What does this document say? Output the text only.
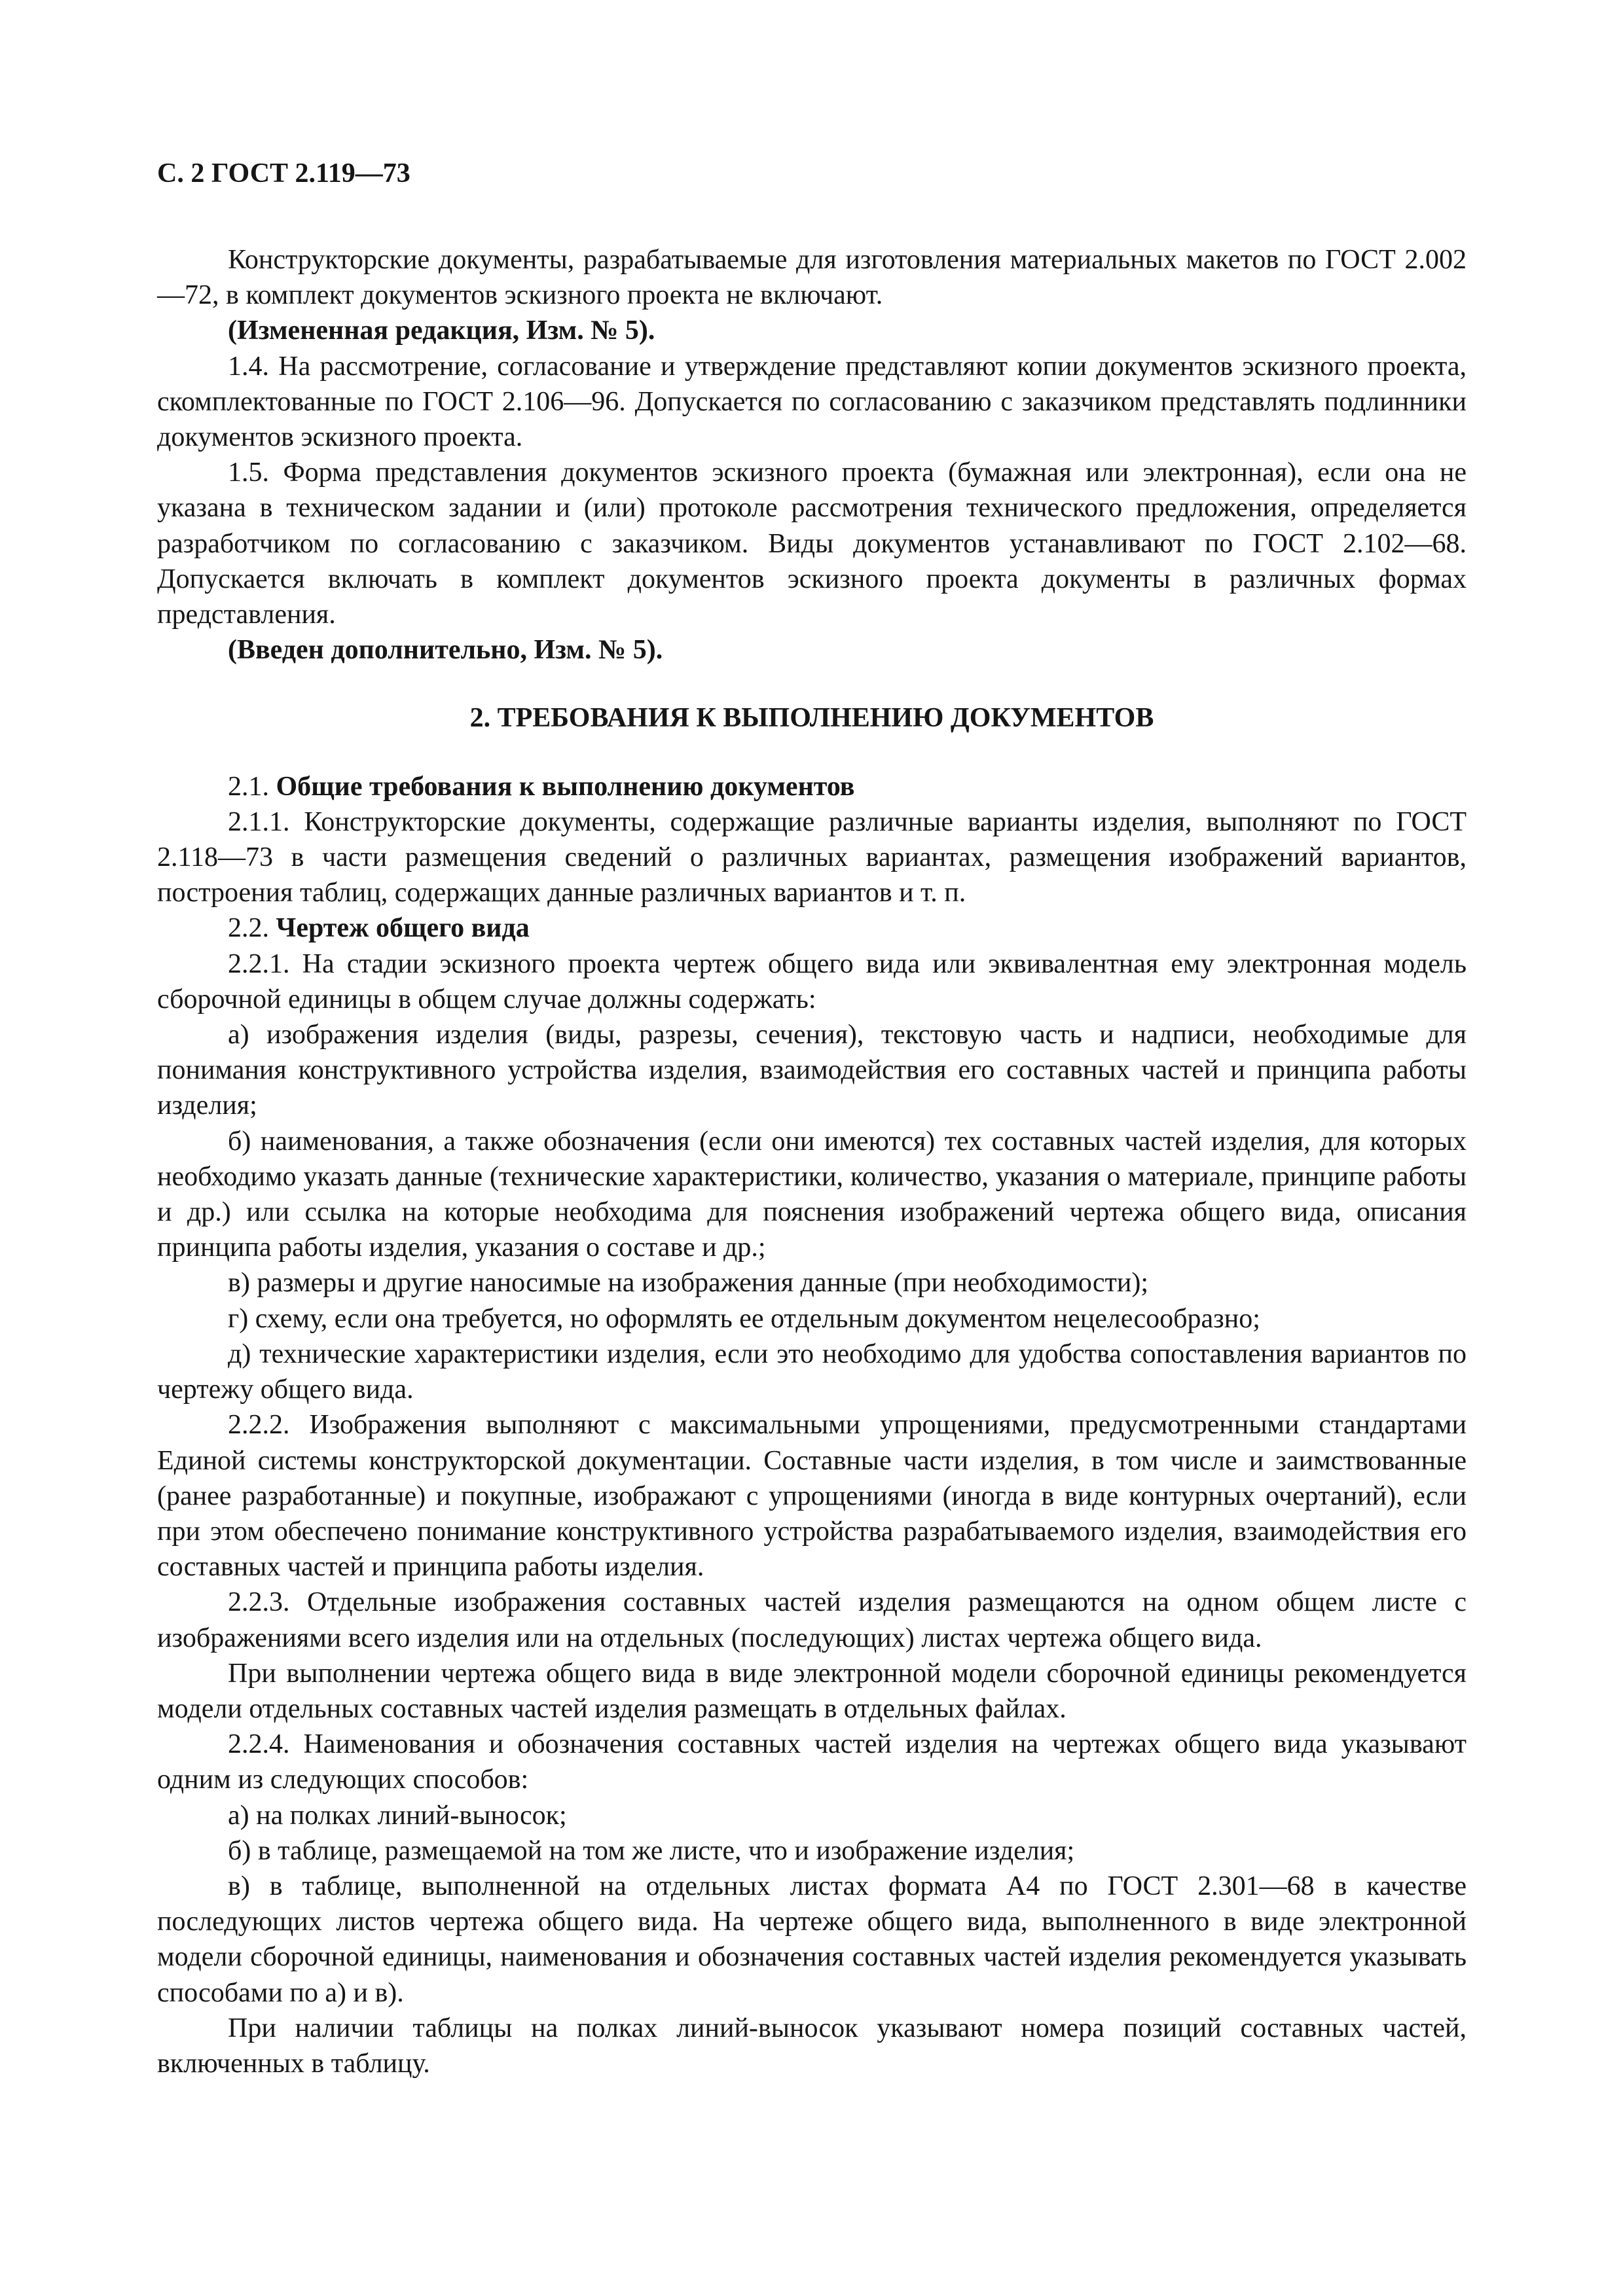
С. 2 ГОСТ 2.119—73

Конструкторские документы, разрабатываемые для изготовления материальных макетов по ГОСТ 2.002—72, в комплект документов эскизного проекта не включают.

(Измененная редакция, Изм. № 5).

1.4. На рассмотрение, согласование и утверждение представляют копии документов эскизного проекта, скомплектованные по ГОСТ 2.106—96. Допускается по согласованию с заказчиком представлять подлинники документов эскизного проекта.

1.5. Форма представления документов эскизного проекта (бумажная или электронная), если она не указана в техническом задании и (или) протоколе рассмотрения технического предложения, определяется разработчиком по согласованию с заказчиком. Виды документов устанавливают по ГОСТ 2.102—68. Допускается включать в комплект документов эскизного проекта документы в различных формах представления.

(Введен дополнительно, Изм. № 5).

2. ТРЕБОВАНИЯ К ВЫПОЛНЕНИЮ ДОКУМЕНТОВ

2.1. Общие требования к выполнению документов

2.1.1. Конструкторские документы, содержащие различные варианты изделия, выполняют по ГОСТ 2.118—73 в части размещения сведений о различных вариантах, размещения изображений вариантов, построения таблиц, содержащих данные различных вариантов и т. п.

2.2. Чертеж общего вида

2.2.1. На стадии эскизного проекта чертеж общего вида или эквивалентная ему электронная модель сборочной единицы в общем случае должны содержать:

а) изображения изделия (виды, разрезы, сечения), текстовую часть и надписи, необходимые для понимания конструктивного устройства изделия, взаимодействия его составных частей и принципа работы изделия;

б) наименования, а также обозначения (если они имеются) тех составных частей изделия, для которых необходимо указать данные (технические характеристики, количество, указания о материале, принципе работы и др.) или ссылка на которые необходима для пояснения изображений чертежа общего вида, описания принципа работы изделия, указания о составе и др.;

в) размеры и другие наносимые на изображения данные (при необходимости);

г) схему, если она требуется, но оформлять ее отдельным документом нецелесообразно;

д) технические характеристики изделия, если это необходимо для удобства сопоставления вариантов по чертежу общего вида.

2.2.2. Изображения выполняют с максимальными упрощениями, предусмотренными стандартами Единой системы конструкторской документации. Составные части изделия, в том числе и заимствованные (ранее разработанные) и покупные, изображают с упрощениями (иногда в виде контурных очертаний), если при этом обеспечено понимание конструктивного устройства разрабатываемого изделия, взаимодействия его составных частей и принципа работы изделия.

2.2.3. Отдельные изображения составных частей изделия размещаются на одном общем листе с изображениями всего изделия или на отдельных (последующих) листах чертежа общего вида.

При выполнении чертежа общего вида в виде электронной модели сборочной единицы рекомендуется модели отдельных составных частей изделия размещать в отдельных файлах.

2.2.4. Наименования и обозначения составных частей изделия на чертежах общего вида указывают одним из следующих способов:

а) на полках линий-выносок;

б) в таблице, размещаемой на том же листе, что и изображение изделия;

в) в таблице, выполненной на отдельных листах формата А4 по ГОСТ 2.301—68 в качестве последующих листов чертежа общего вида. На чертеже общего вида, выполненного в виде электронной модели сборочной единицы, наименования и обозначения составных частей изделия рекомендуется указывать способами по а) и в).

При наличии таблицы на полках линий-выносок указывают номера позиций составных частей, включенных в таблицу.
